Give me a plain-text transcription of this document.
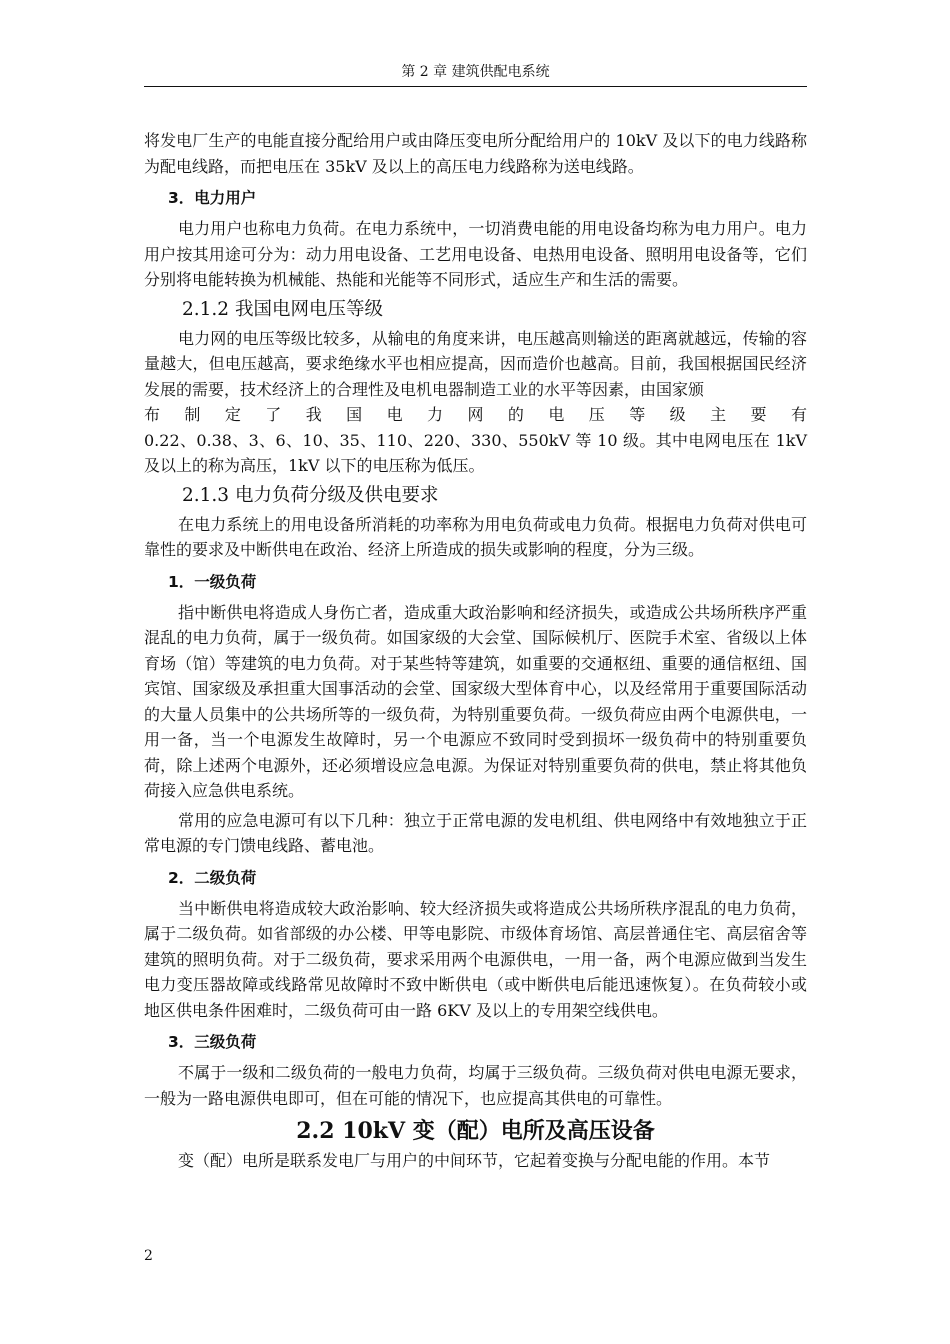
第 2 章 建筑供配电系统

将发电厂生产的电能直接分配给用户或由降压变电所分配给用户的 10kV 及以下的电力线路称为配电线路，而把电压在 35kV 及以上的高压电力线路称为送电线路。

3．电力用户

电力用户也称电力负荷。在电力系统中，一切消费电能的用电设备均称为电力用户。电力用户按其用途可分为：动力用电设备、工艺用电设备、电热用电设备、照明用电设备等，它们分别将电能转换为机械能、热能和光能等不同形式，适应生产和生活的需要。

2.1.2 我国电网电压等级

电力网的电压等级比较多，从输电的角度来讲，电压越高则输送的距离就越远，传输的容量越大，但电压越高，要求绝缘水平也相应提高，因而造价也越高。目前，我国根据国民经济发展的需要，技术经济上的合理性及电机电器制造工业的水平等因素，由国家颁

布 制 定 了 我 国 电 力 网 的 电 压 等 级 主 要 有

0.22、0.38、3、6、10、35、110、220、330、550kV 等 10 级。其中电网电压在 1kV 及以上的称为高压，1kV 以下的电压称为低压。

2.1.3 电力负荷分级及供电要求

在电力系统上的用电设备所消耗的功率称为用电负荷或电力负荷。根据电力负荷对供电可靠性的要求及中断供电在政治、经济上所造成的损失或影响的程度，分为三级。

1．一级负荷

指中断供电将造成人身伤亡者，造成重大政治影响和经济损失，或造成公共场所秩序严重混乱的电力负荷，属于一级负荷。如国家级的大会堂、国际候机厅、医院手术室、省级以上体育场（馆）等建筑的电力负荷。对于某些特等建筑，如重要的交通枢纽、重要的通信枢纽、国宾馆、国家级及承担重大国事活动的会堂、国家级大型体育中心，以及经常用于重要国际活动的大量人员集中的公共场所等的一级负荷，为特别重要负荷。一级负荷应由两个电源供电，一用一备，当一个电源发生故障时，另一个电源应不致同时受到损坏一级负荷中的特别重要负荷，除上述两个电源外，还必须增设应急电源。为保证对特别重要负荷的供电，禁止将其他负荷接入应急供电系统。

常用的应急电源可有以下几种：独立于正常电源的发电机组、供电网络中有效地独立于正常电源的专门馈电线路、蓄电池。

2．二级负荷

当中断供电将造成较大政治影响、较大经济损失或将造成公共场所秩序混乱的电力负荷，属于二级负荷。如省部级的办公楼、甲等电影院、市级体育场馆、高层普通住宅、高层宿舍等建筑的照明负荷。对于二级负荷，要求采用两个电源供电，一用一备，两个电源应做到当发生电力变压器故障或线路常见故障时不致中断供电（或中断供电后能迅速恢复）。在负荷较小或地区供电条件困难时，二级负荷可由一路 6KV 及以上的专用架空线供电。

3．三级负荷

不属于一级和二级负荷的一般电力负荷，均属于三级负荷。三级负荷对供电电源无要求，一般为一路电源供电即可，但在可能的情况下，也应提高其供电的可靠性。

2.2 10kV 变（配）电所及高压设备

变（配）电所是联系发电厂与用户的中间环节，它起着变换与分配电能的作用。本节

2
